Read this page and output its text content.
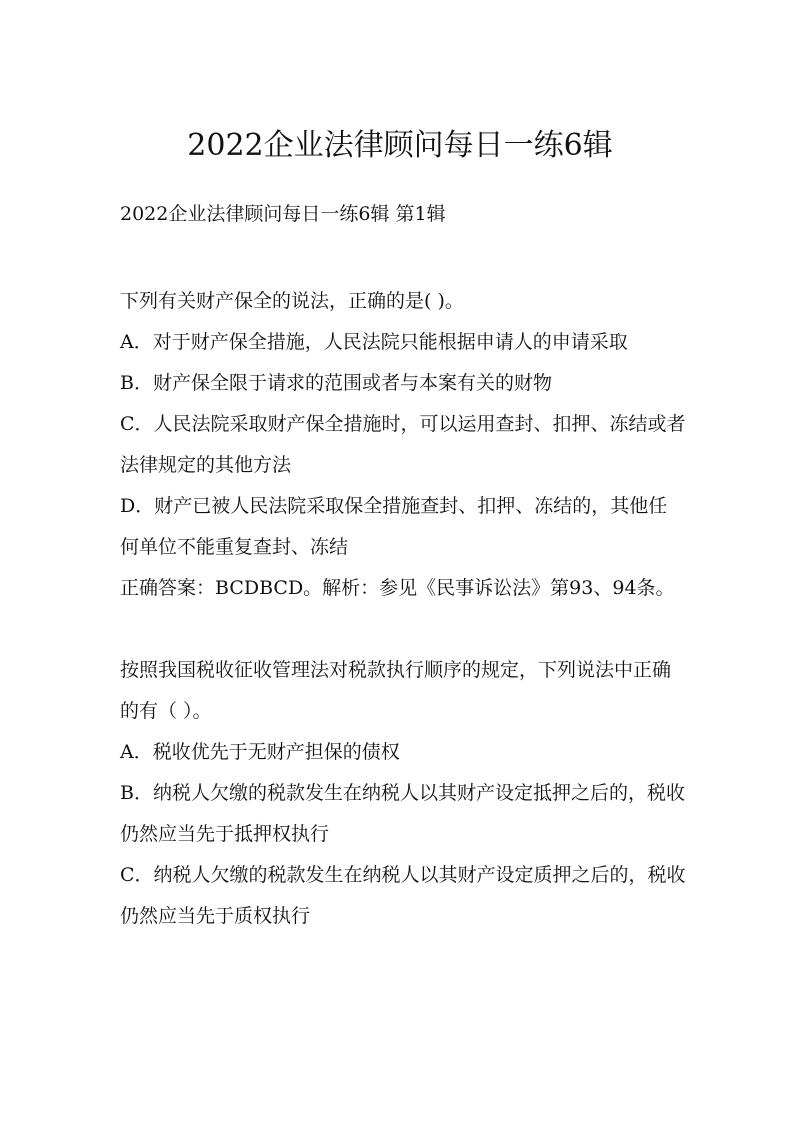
2022企业法律顾问每日一练6辑

2022企业法律顾问每日一练6辑 第1辑

下列有关财产保全的说法，正确的是( )。

A．对于财产保全措施，人民法院只能根据申请人的申请采取

B．财产保全限于请求的范围或者与本案有关的财物

C．人民法院采取财产保全措施时，可以运用查封、扣押、冻结或者法律规定的其他方法

D．财产已被人民法院采取保全措施查封、扣押、冻结的，其他任何单位不能重复查封、冻结

正确答案：BCDBCD。解析：参见《民事诉讼法》第93、94条。

按照我国税收征收管理法对税款执行顺序的规定，下列说法中正确的有（ ）。

A．税收优先于无财产担保的债权

B．纳税人欠缴的税款发生在纳税人以其财产设定抵押之后的，税收仍然应当先于抵押权执行

C．纳税人欠缴的税款发生在纳税人以其财产设定质押之后的，税收仍然应当先于质权执行
